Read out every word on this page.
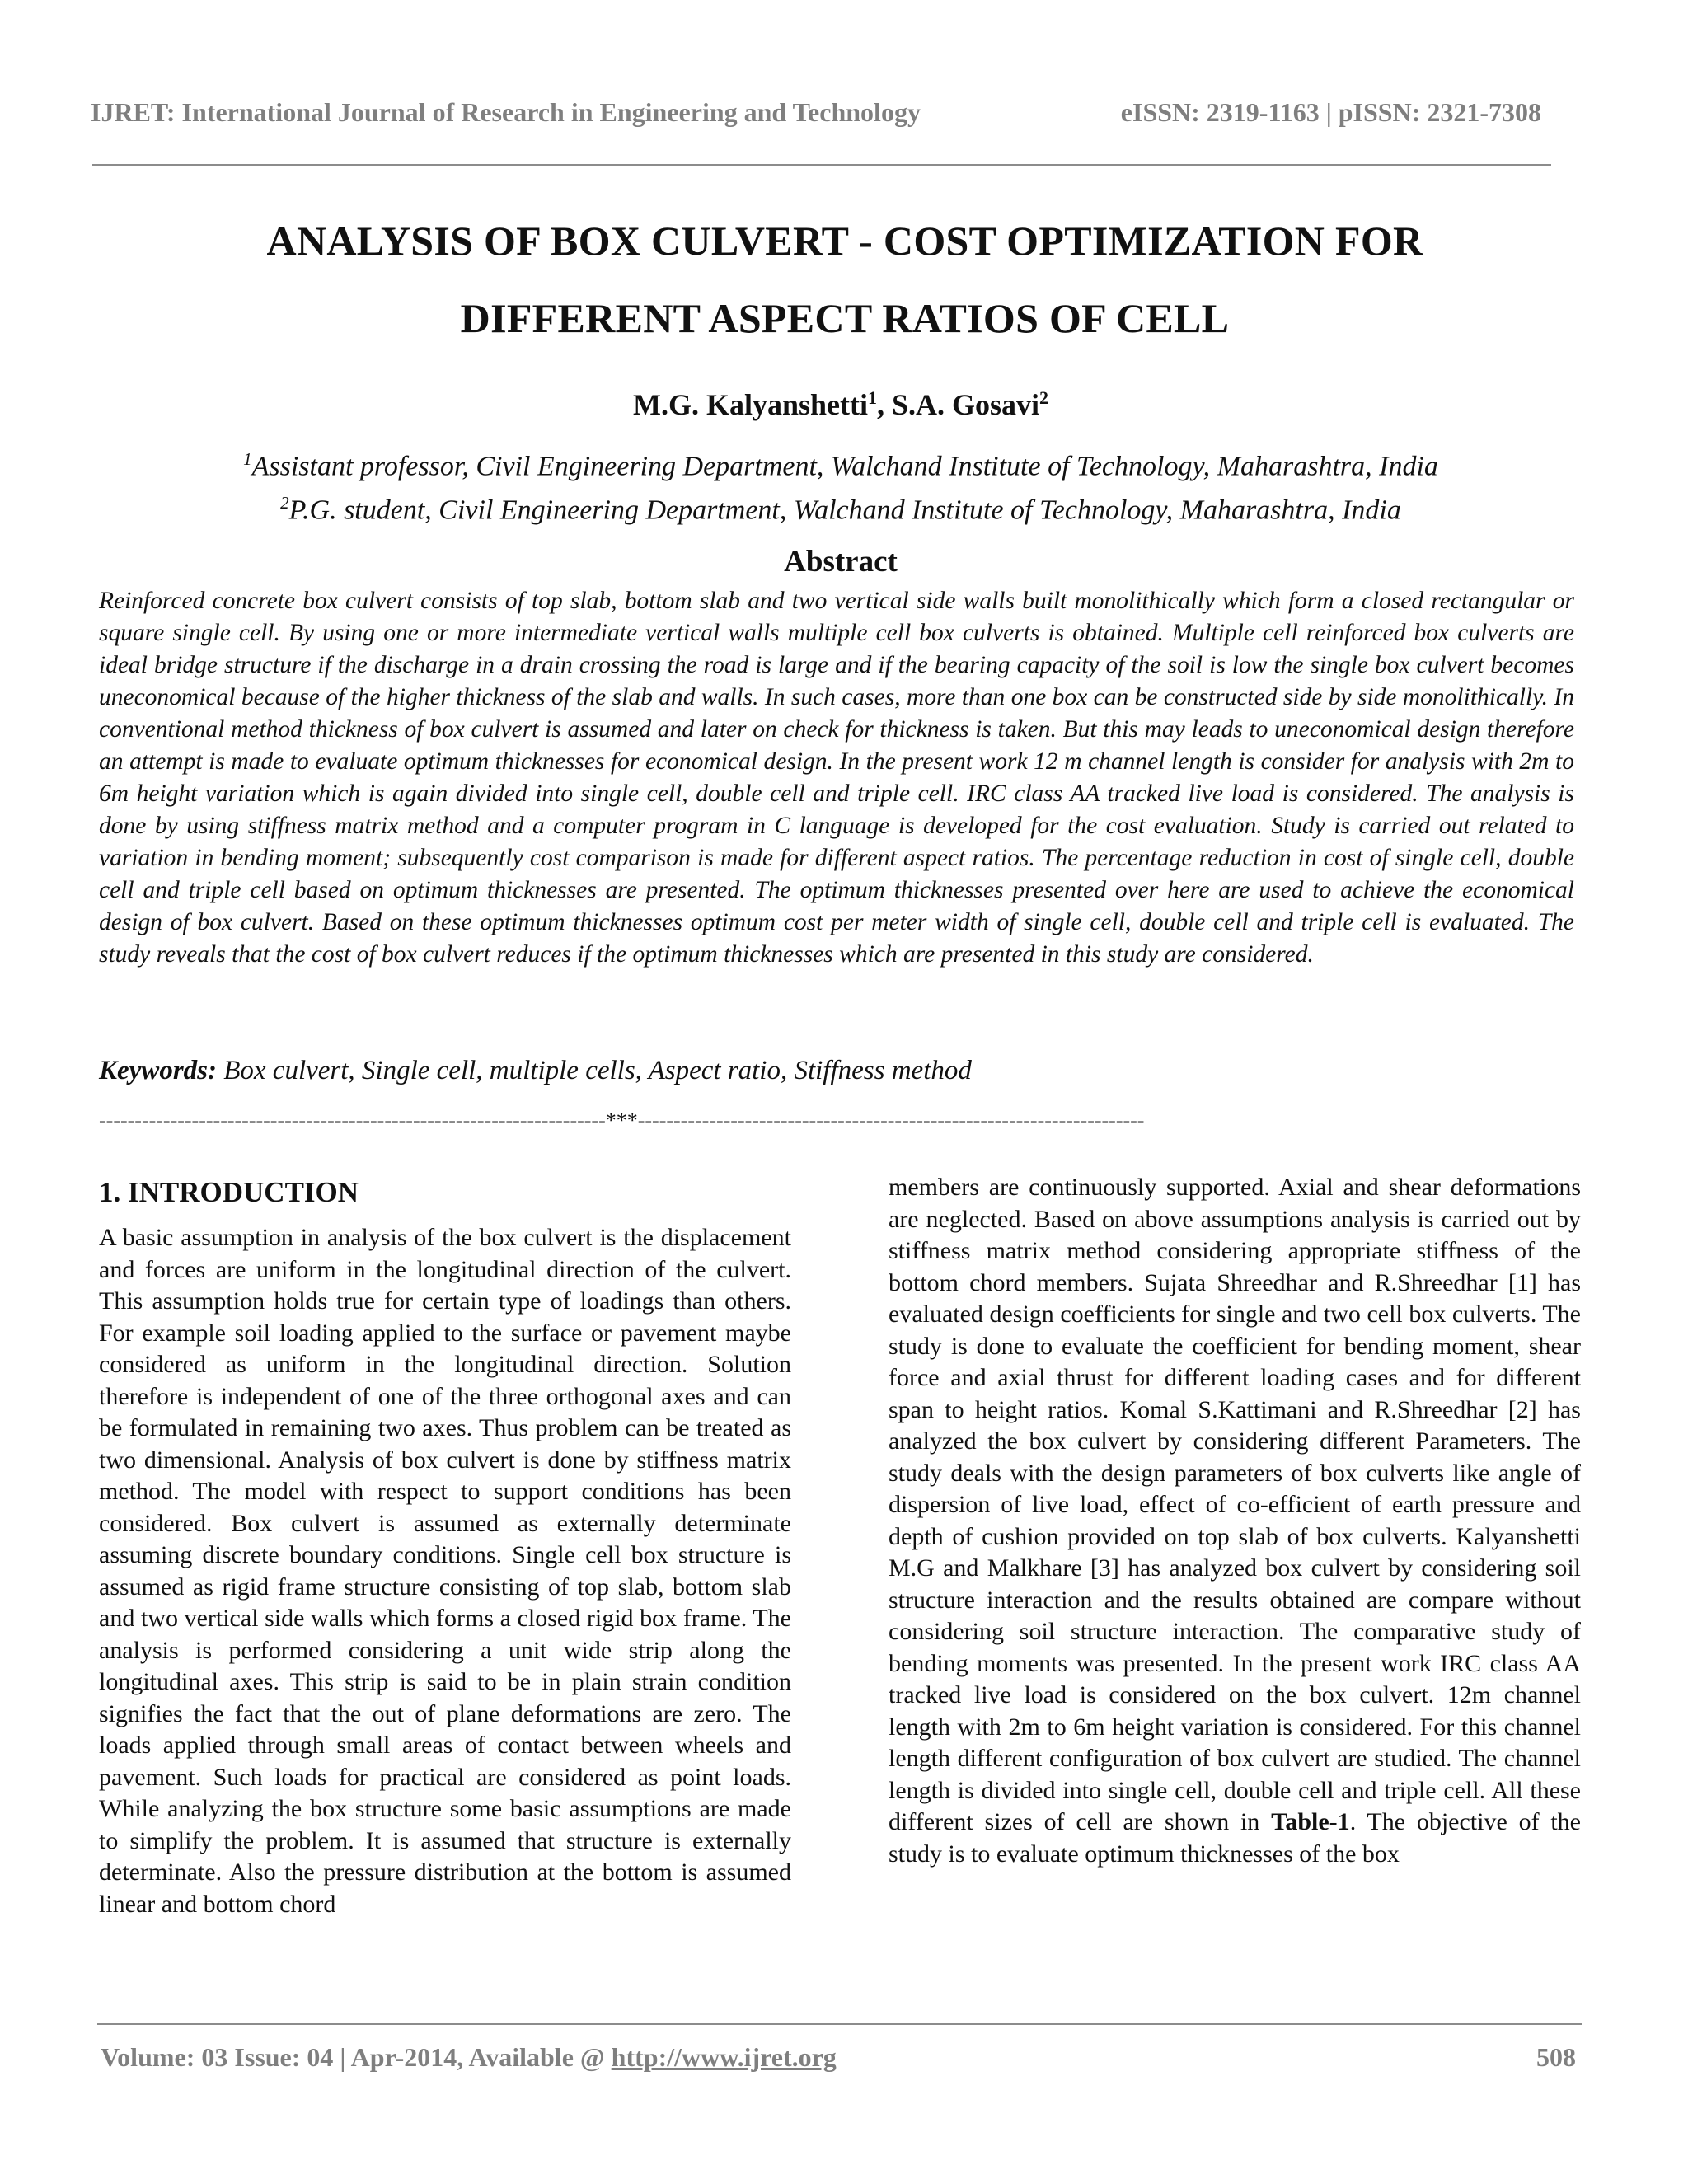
IJRET: International Journal of Research in Engineering and Technology	eISSN: 2319-1163 | pISSN: 2321-7308
ANALYSIS OF BOX CULVERT - COST OPTIMIZATION FOR
DIFFERENT ASPECT RATIOS OF CELL
M.G. Kalyanshetti$^1$, S.A. Gosavi$^2$
$^1$Assistant professor, Civil Engineering Department, Walchand Institute of Technology, Maharashtra, India
$^2$P.G. student, Civil Engineering Department, Walchand Institute of Technology, Maharashtra, India
Abstract
Reinforced concrete box culvert consists of top slab, bottom slab and two vertical side walls built monolithically which form a closed rectangular or square single cell. By using one or more intermediate vertical walls multiple cell box culverts is obtained. Multiple cell reinforced box culverts are ideal bridge structure if the discharge in a drain crossing the road is large and if the bearing capacity of the soil is low the single box culvert becomes uneconomical because of the higher thickness of the slab and walls. In such cases, more than one box can be constructed side by side monolithically. In conventional method thickness of box culvert is assumed and later on check for thickness is taken. But this may leads to uneconomical design therefore an attempt is made to evaluate optimum thicknesses for economical design. In the present work 12 m channel length is consider for analysis with 2m to 6m height variation which is again divided into single cell, double cell and triple cell. IRC class AA tracked live load is considered. The analysis is done by using stiffness matrix method and a computer program in C language is developed for the cost evaluation. Study is carried out related to variation in bending moment; subsequently cost comparison is made for different aspect ratios. The percentage reduction in cost of single cell, double cell and triple cell based on optimum thicknesses are presented. The optimum thicknesses presented over here are used to achieve the economical design of box culvert. Based on these optimum thicknesses optimum cost per meter width of single cell, double cell and triple cell is evaluated. The study reveals that the cost of box culvert reduces if the optimum thicknesses which are presented in this study are considered.
Keywords: Box culvert, Single cell, multiple cells, Aspect ratio, Stiffness method
-----------------------------------------------------------------------***-----------------------------------------------------------------------
1. INTRODUCTION

A basic assumption in analysis of the box culvert is the displacement and forces are uniform in the longitudinal direction of the culvert. This assumption holds true for certain type of loadings than others. For example soil loading applied to the surface or pavement maybe considered as uniform in the longitudinal direction. Solution therefore is independent of one of the three orthogonal axes and can be formulated in remaining two axes. Thus problem can be treated as two dimensional. Analysis of box culvert is done by stiffness matrix method. The model with respect to support conditions has been considered. Box culvert is assumed as externally determinate assuming discrete boundary conditions. Single cell box structure is assumed as rigid frame structure consisting of top slab, bottom slab and two vertical side walls which forms a closed rigid box frame. The analysis is performed considering a unit wide strip along the longitudinal axes. This strip is said to be in plain strain condition signifies the fact that the out of plane deformations are zero. The loads applied through small areas of contact between wheels and pavement. Such loads for practical are considered as point loads. While analyzing the box structure some basic assumptions are made to simplify the problem. It is assumed that structure is externally determinate. Also the pressure distribution at the bottom is assumed linear and bottom chord

members are continuously supported. Axial and shear deformations are neglected. Based on above assumptions analysis is carried out by stiffness matrix method considering appropriate stiffness of the bottom chord members. Sujata Shreedhar and R.Shreedhar [1] has evaluated design coefficients for single and two cell box culverts. The study is done to evaluate the coefficient for bending moment, shear force and axial thrust for different loading cases and for different span to height ratios. Komal S.Kattimani and R.Shreedhar [2] has analyzed the box culvert by considering different Parameters. The study deals with the design parameters of box culverts like angle of dispersion of live load, effect of co-efficient of earth pressure and depth of cushion provided on top slab of box culverts. Kalyanshetti M.G and Malkhare [3] has analyzed box culvert by considering soil structure interaction and the results obtained are compare without considering soil structure interaction. The comparative study of bending moments was presented. In the present work IRC class AA tracked live load is considered on the box culvert. 12m channel length with 2m to 6m height variation is considered. For this channel length different configuration of box culvert are studied. The channel length is divided into single cell, double cell and triple cell. All these different sizes of cell are shown in Table-1. The objective of the study is to evaluate optimum thicknesses of the box

Volume: 03 Issue: 04 | Apr-2014, Available @ http://www.ijret.org	508
